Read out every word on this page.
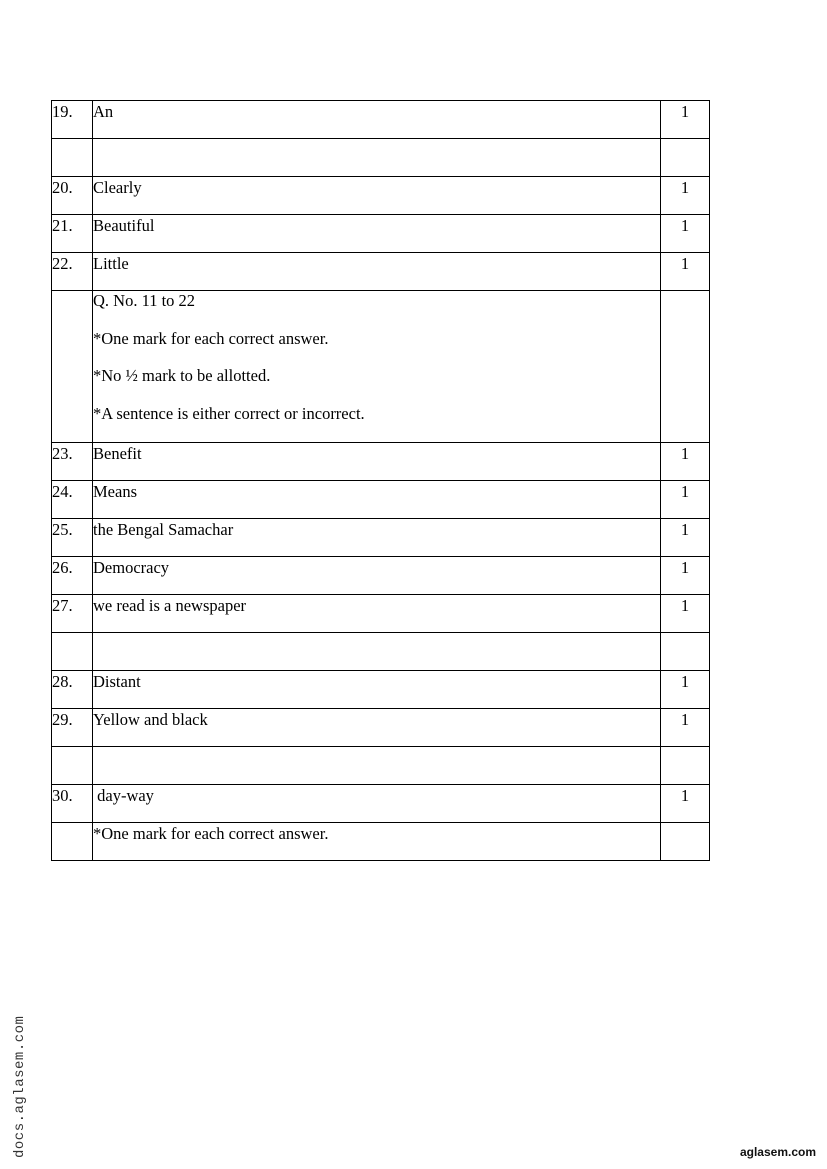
19.	An	1

20.	Clearly	1
21.	Beautiful	1
22.	Little	1

	Q. No. 11 to 22
*One mark for each correct answer.
*No ½ mark to be allotted.
*A sentence is either correct or incorrect.	

23.	Benefit	1
24.	Means	1
25.	the Bengal Samachar	1
26.	Democracy	1
27.	we read is a newspaper	1

28.	Distant	1
29.	Yellow and black	1

30.	day-way	1
	*One mark for each correct answer.	
docs.aglasem.com	aglasem.com
